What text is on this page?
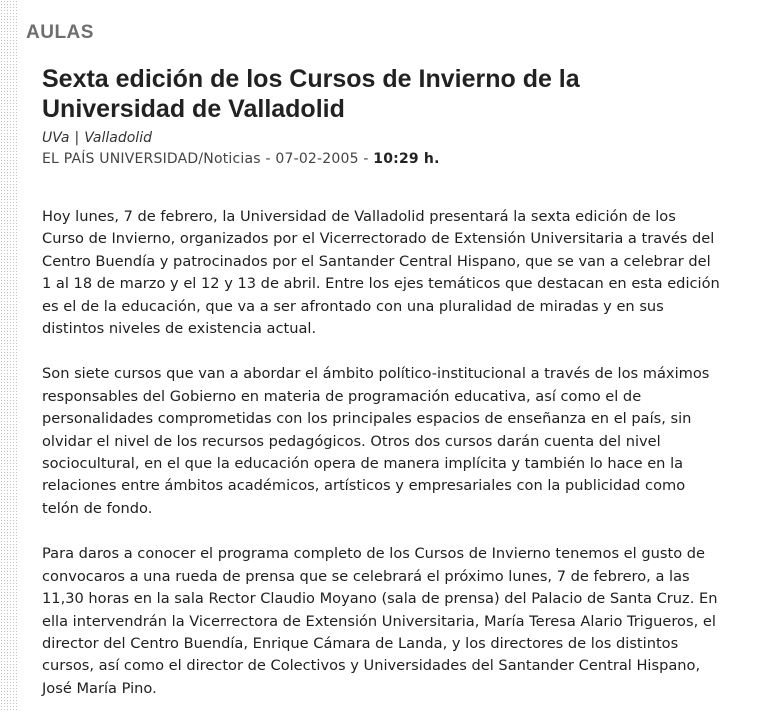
AULAS
Sexta edición de los Cursos de Invierno de la Universidad de Valladolid
UVa | Valladolid
EL PAÍS UNIVERSIDAD/Noticias - 07-02-2005 - 10:29 h.

Hoy lunes, 7 de febrero, la Universidad de Valladolid presentará la sexta edición de los Curso de Invierno, organizados por el Vicerrectorado de Extensión Universitaria a través del Centro Buendía y patrocinados por el Santander Central Hispano, que se van a celebrar del 1 al 18 de marzo y el 12 y 13 de abril. Entre los ejes temáticos que destacan en esta edición es el de la educación, que va a ser afrontado con una pluralidad de miradas y en sus distintos niveles de existencia actual.

Son siete cursos que van a abordar el ámbito político-institucional a través de los máximos responsables del Gobierno en materia de programación educativa, así como el de personalidades comprometidas con los principales espacios de enseñanza en el país, sin olvidar el nivel de los recursos pedagógicos. Otros dos cursos darán cuenta del nivel sociocultural, en el que la educación opera de manera implícita y también lo hace en la relaciones entre ámbitos académicos, artísticos y empresariales con la publicidad como telón de fondo.

Para daros a conocer el programa completo de los Cursos de Invierno tenemos el gusto de convocaros a una rueda de prensa que se celebrará el próximo lunes, 7 de febrero, a las 11,30 horas en la sala Rector Claudio Moyano (sala de prensa) del Palacio de Santa Cruz. En ella intervendrán la Vicerrectora de Extensión Universitaria, María Teresa Alario Trigueros, el director del Centro Buendía, Enrique Cámara de Landa, y los directores de los distintos cursos, así como el director de Colectivos y Universidades del Santander Central Hispano, José María Pino.
